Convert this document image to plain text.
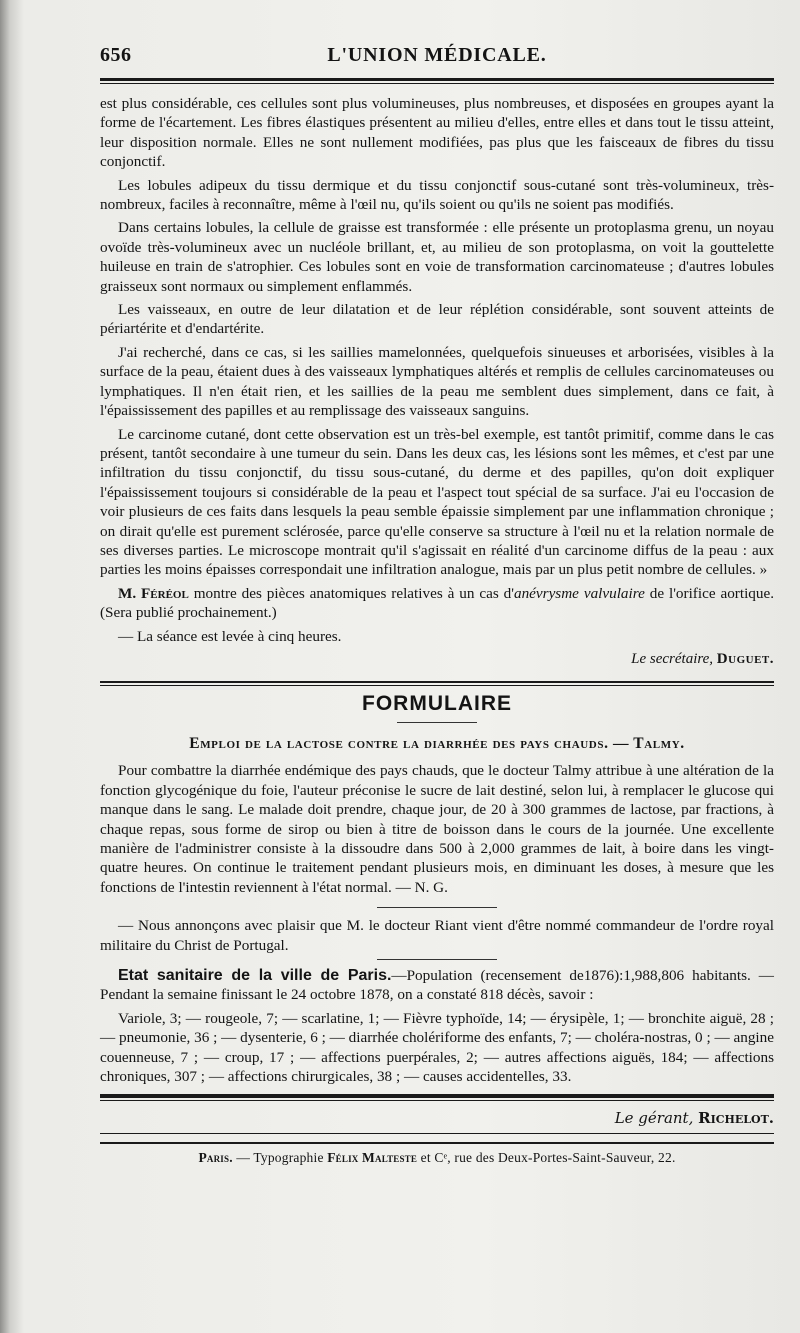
656	L'UNION MÉDICALE.

est plus considérable, ces cellules sont plus volumineuses, plus nombreuses, et disposées en groupes ayant la forme de l'écartement. Les fibres élastiques présentent au milieu d'elles, entre elles et dans tout le tissu atteint, leur disposition normale. Elles ne sont nullement modifiées, pas plus que les faisceaux de fibres du tissu conjonctif.

Les lobules adipeux du tissu dermique et du tissu conjonctif sous-cutané sont très-volumineux, très-nombreux, faciles à reconnaître, même à l'œil nu, qu'ils soient ou qu'ils ne soient pas modifiés.

Dans certains lobules, la cellule de graisse est transformée : elle présente un protoplasma grenu, un noyau ovoïde très-volumineux avec un nucléole brillant, et, au milieu de son protoplasma, on voit la gouttelette huileuse en train de s'atrophier. Ces lobules sont en voie de transformation carcinomateuse ; d'autres lobules graisseux sont normaux ou simplement enflammés.

Les vaisseaux, en outre de leur dilatation et de leur réplétion considérable, sont souvent atteints de périartérite et d'endartérite.

J'ai recherché, dans ce cas, si les saillies mamelonnées, quelquefois sinueuses et arborisées, visibles à la surface de la peau, étaient dues à des vaisseaux lymphatiques altérés et remplis de cellules carcinomateuses ou lymphatiques. Il n'en était rien, et les saillies de la peau me semblent dues simplement, dans ce fait, à l'épaississement des papilles et au remplissage des vaisseaux sanguins.

Le carcinome cutané, dont cette observation est un très-bel exemple, est tantôt primitif, comme dans le cas présent, tantôt secondaire à une tumeur du sein. Dans les deux cas, les lésions sont les mêmes, et c'est par une infiltration du tissu conjonctif, du tissu sous-cutané, du derme et des papilles, qu'on doit expliquer l'épaississement toujours si considérable de la peau et l'aspect tout spécial de sa surface. J'ai eu l'occasion de voir plusieurs de ces faits dans lesquels la peau semble épaissie simplement par une inflammation chronique ; on dirait qu'elle est purement sclérosée, parce qu'elle conserve sa structure à l'œil nu et la relation normale de ses diverses parties. Le microscope montrait qu'il s'agissait en réalité d'un carcinome diffus de la peau : aux parties les moins épaisses correspondait une infiltration analogue, mais par un plus petit nombre de cellules. »

M. Féréol montre des pièces anatomiques relatives à un cas d'anévrysme valvulaire de l'orifice aortique. (Sera publié prochainement.)

— La séance est levée à cinq heures.

Le secrétaire, Duguet.
FORMULAIRE
Emploi de la lactose contre la diarrhée des pays chauds. — Talmy.

Pour combattre la diarrhée endémique des pays chauds, que le docteur Talmy attribue à une altération de la fonction glycogénique du foie, l'auteur préconise le sucre de lait destiné, selon lui, à remplacer le glucose qui manque dans le sang. Le malade doit prendre, chaque jour, de 20 à 300 grammes de lactose, par fractions, à chaque repas, sous forme de sirop ou bien à titre de boisson dans le cours de la journée. Une excellente manière de l'administrer consiste à la dissoudre dans 500 à 2,000 grammes de lait, à boire dans les vingt-quatre heures. On continue le traitement pendant plusieurs mois, en diminuant les doses, à mesure que les fonctions de l'intestin reviennent à l'état normal. — N. G.

— Nous annonçons avec plaisir que M. le docteur Riant vient d'être nommé commandeur de l'ordre royal militaire du Christ de Portugal.

Etat sanitaire de la ville de Paris.—Population (recensement de1876):1,988,806 habitants. — Pendant la semaine finissant le 24 octobre 1878, on a constaté 818 décès, savoir :

Variole, 3; — rougeole, 7; — scarlatine, 1; — Fièvre typhoïde, 14; — érysipèle, 1; — bronchite aiguë, 28 ; — pneumonie, 36 ; — dysenterie, 6 ; — diarrhée cholériforme des enfants, 7; — choléra-nostras, 0 ; — angine couenneuse, 7 ; — croup, 17 ; — affections puerpérales, 2; — autres affections aiguës, 184; — affections chroniques, 307 ; — affections chirurgicales, 38 ; — causes accidentelles, 33.

Le gérant, Richelot.
Paris. — Typographie Félix Malteste et Cᵉ, rue des Deux-Portes-Saint-Sauveur, 22.
